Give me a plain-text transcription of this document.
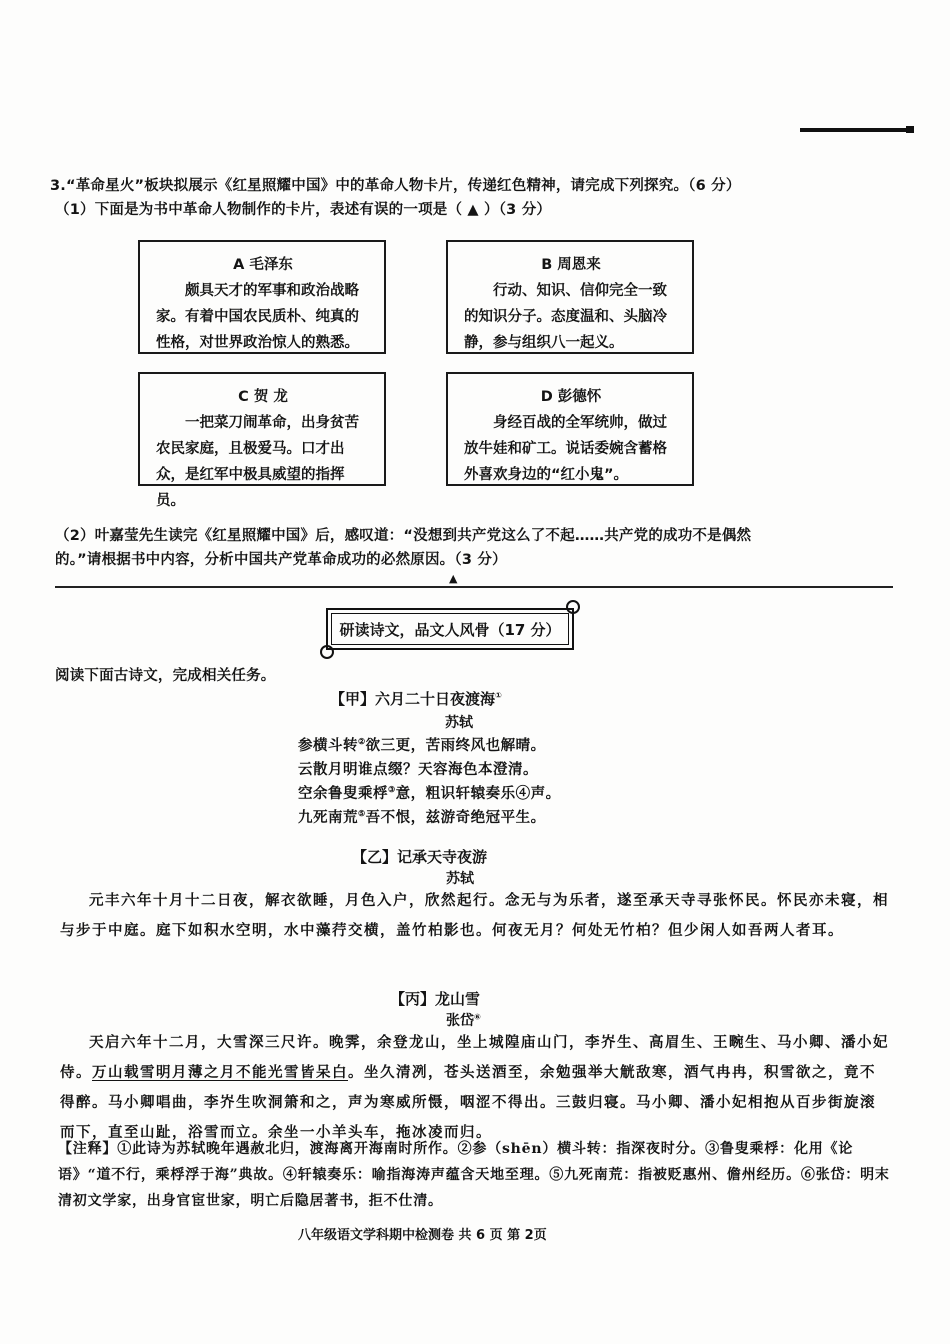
3.“革命星火”板块拟展示《红星照耀中国》中的革命人物卡片，传递红色精神，请完成下列探究。（6 分）
（1）下面是为书中革命人物制作的卡片，表述有误的一项是（ ▲ ）（3 分）
A 毛泽东
颇具天才的军事和政治战略家。有着中国农民质朴、纯真的性格，对世界政治惊人的熟悉。
B 周恩来
行动、知识、信仰完全一致的知识分子。态度温和、头脑冷静，参与组织八一起义。
C 贺 龙
一把菜刀闹革命，出身贫苦农民家庭，且极爱马。口才出众，是红军中极具威望的指挥员。
D 彭德怀
身经百战的全军统帅，做过放牛娃和矿工。说话委婉含蓄格外喜欢身边的“红小鬼”。
（2）叶嘉莹先生读完《红星照耀中国》后，感叹道：“没想到共产党这么了不起……共产党的成功不是偶然
的。”请根据书中内容，分析中国共产党革命成功的必然原因。（3 分）
▲
研读诗文，品文人风骨（17 分）
阅读下面古诗文，完成相关任务。
【甲】六月二十日夜渡海①
苏轼
参横斗转②欲三更，苦雨终风也解晴。
云散月明谁点缀？天容海色本澄清。
空余鲁叟乘桴③意，粗识轩辕奏乐④声。
九死南荒⑤吾不恨，兹游奇绝冠平生。
【乙】记承天寺夜游
苏轼
元丰六年十月十二日夜，解衣欲睡，月色入户，欣然起行。念无与为乐者，遂至承天寺寻张怀民。怀民亦未寝，相与步于中庭。庭下如积水空明，水中藻荇交横，盖竹柏影也。何夜无月？何处无竹柏？但少闲人如吾两人者耳。
【丙】龙山雪
张岱⑥
天启六年十二月，大雪深三尺许。晚霁，余登龙山，坐上城隍庙山门，李岕生、高眉生、王畹生、马小卿、潘小妃侍。万山载雪明月薄之月不能光雪皆呆白。坐久清冽，苍头送酒至，余勉强举大觥敌寒，酒气冉冉，积雪欲之，竟不得醉。马小卿唱曲，李岕生吹洞箫和之，声为寒威所慑，咽涩不得出。三鼓归寝。马小卿、潘小妃相抱从百步街旋滚而下，直至山趾，浴雪而立。余坐一小羊头车，拖冰凌而归。
【注释】①此诗为苏轼晚年遇赦北归，渡海离开海南时所作。②参（shēn）横斗转：指深夜时分。③鲁叟乘桴：化用《论语》“道不行，乘桴浮于海”典故。④轩辕奏乐：喻指海涛声蕴含天地至理。⑤九死南荒：指被贬惠州、儋州经历。⑥张岱：明末清初文学家，出身官宦世家，明亡后隐居著书，拒不仕清。
八年级语文学科期中检测卷 共 6 页 第 2页
